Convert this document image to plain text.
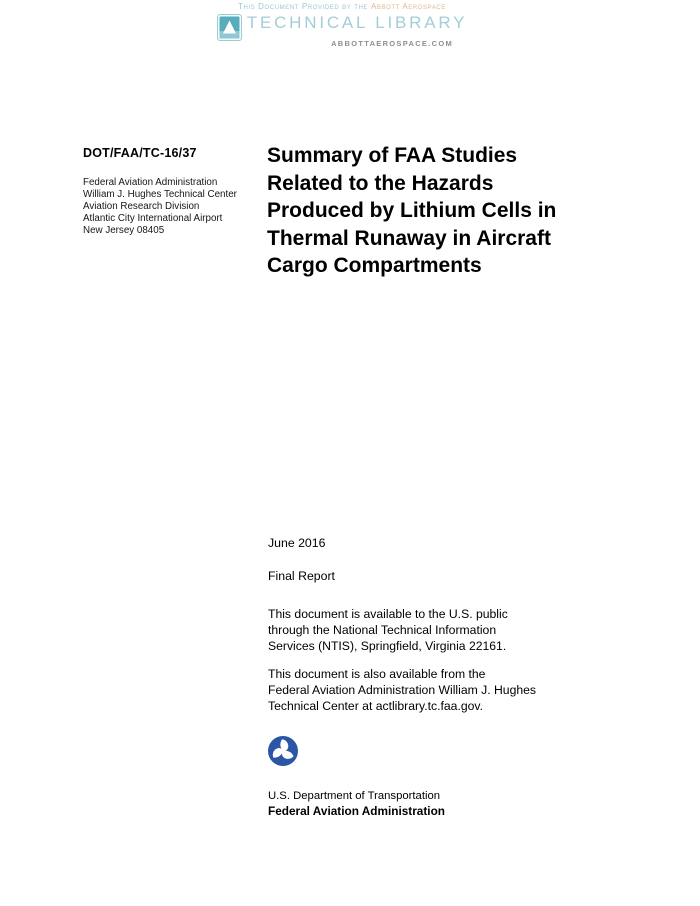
This Document Provided by the Abbott Aerospace
TECHNICAL LIBRARY
ABBOTTAEROSPACE.COM
DOT/FAA/TC-16/37
Federal Aviation Administration
William J. Hughes Technical Center
Aviation Research Division
Atlantic City International Airport
New Jersey 08405
Summary of FAA Studies
Related to the Hazards
Produced by Lithium Cells in
Thermal Runaway in Aircraft
Cargo Compartments
June 2016
Final Report
This document is available to the U.S. public
through the National Technical Information
Services (NTIS), Springfield, Virginia 22161.
This document is also available from the
Federal Aviation Administration William J. Hughes
Technical Center at actlibrary.tc.faa.gov.
U.S. Department of Transportation
Federal Aviation Administration
